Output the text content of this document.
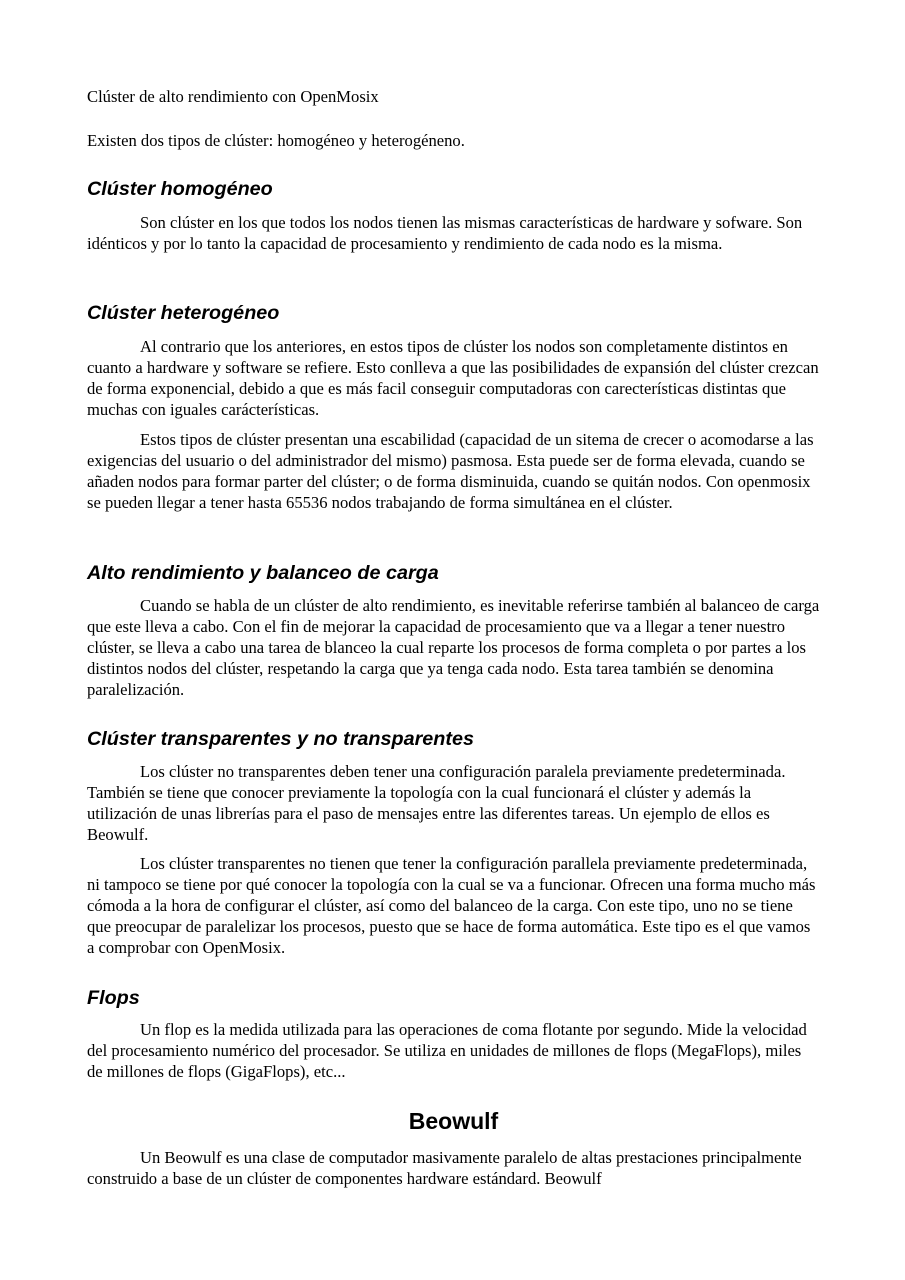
Clúster de alto rendimiento con OpenMosix

Existen dos tipos de clúster: homogéneo y heterogéneno.

Clúster homogéneo

Son clúster en los que todos los nodos tienen las mismas características de hardware y sofware. Son idénticos y por lo tanto la capacidad de procesamiento y rendimiento de cada nodo es la misma.

Clúster heterogéneo

Al contrario que los anteriores, en estos tipos de clúster los nodos son completamente distintos en cuanto a hardware y software se refiere. Esto conlleva a que las posibilidades de expansión del clúster crezcan de forma exponencial, debido a que es más facil conseguir computadoras con carecterísticas distintas que muchas con iguales carácterísticas.

Estos tipos de clúster presentan una escabilidad (capacidad de un sitema de crecer o acomodarse a las exigencias del usuario o del administrador del mismo) pasmosa. Esta puede ser de forma elevada, cuando se añaden nodos para formar parter del clúster; o de forma disminuida, cuando se quitán nodos. Con openmosix se pueden llegar a tener hasta 65536 nodos trabajando de forma simultánea en el clúster.

Alto rendimiento y balanceo de carga

Cuando se habla de un clúster de alto rendimiento, es inevitable referirse también al balanceo de carga que este lleva a cabo. Con el fin de mejorar la capacidad de procesamiento que va a llegar a tener nuestro clúster, se lleva a cabo una tarea de blanceo la cual reparte los procesos de forma completa o por partes a los distintos nodos del clúster, respetando la carga que ya tenga cada nodo. Esta tarea también se denomina paralelización.

Clúster transparentes y no transparentes

Los clúster no transparentes deben tener una configuración paralela previamente predeterminada. También se tiene que conocer previamente la topología con la cual funcionará el clúster y además la utilización de unas librerías para el paso de mensajes entre las diferentes tareas. Un ejemplo de ellos es Beowulf.

Los clúster transparentes no tienen que tener la configuración parallela previamente predeterminada, ni tampoco se tiene por qué conocer la topología con la cual se va a funcionar. Ofrecen una forma mucho más cómoda a la hora de configurar el clúster, así como del balanceo de la carga. Con este tipo, uno no se tiene que preocupar de paralelizar los procesos, puesto que se hace de forma automática. Este tipo es el que vamos a comprobar con OpenMosix.

Flops

Un flop es la medida utilizada para las operaciones de coma flotante por segundo. Mide la velocidad del procesamiento numérico del procesador. Se utiliza en unidades de millones de flops (MegaFlops), miles de millones de flops (GigaFlops), etc...

Beowulf

Un Beowulf es una clase de computador masivamente paralelo de altas prestaciones principalmente construido a base de un clúster de componentes hardware estándard. Beowulf
